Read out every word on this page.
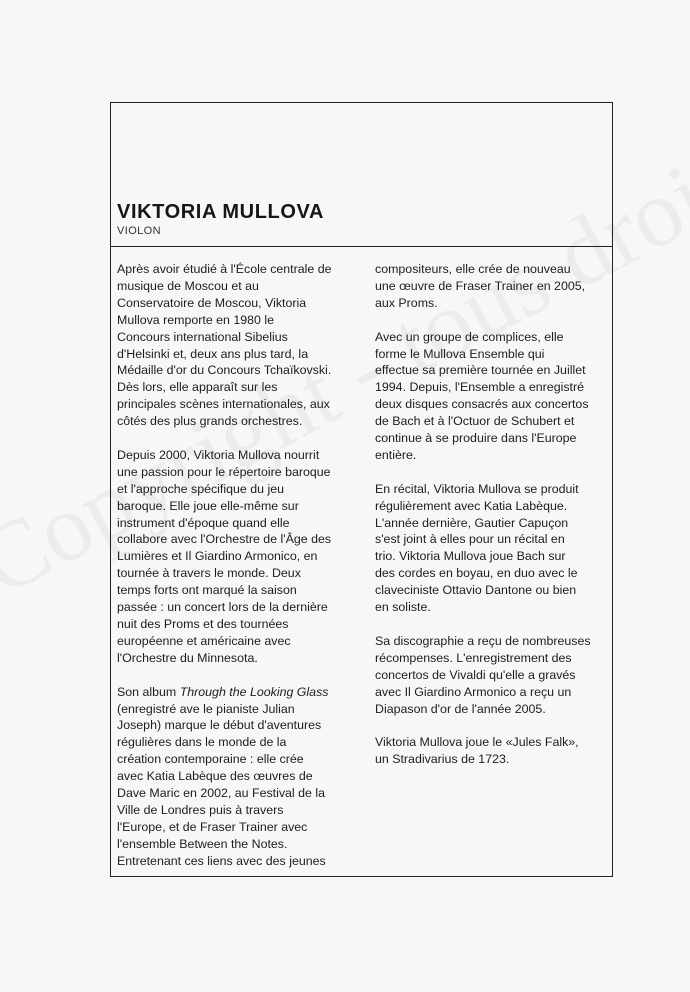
VIKTORIA MULLOVA
VIOLON
Après avoir étudié à l'École centrale de
musique de Moscou et au
Conservatoire de Moscou, Viktoria
Mullova remporte en 1980 le
Concours international Sibelius
d'Helsinki et, deux ans plus tard, la
Médaille d'or du Concours Tchaïkovski.
Dès lors, elle apparaît sur les
principales scènes internationales, aux
côtés des plus grands orchestres.
Depuis 2000, Viktoria Mullova nourrit
une passion pour le répertoire baroque
et l'approche spécifique du jeu
baroque. Elle joue elle-même sur
instrument d'époque quand elle
collabore avec l'Orchestre de l'Âge des
Lumières et Il Giardino Armonico, en
tournée à travers le monde. Deux
temps forts ont marqué la saison
passée : un concert lors de la dernière
nuit des Proms et des tournées
européenne et américaine avec
l'Orchestre du Minnesota.
Son album Through the Looking Glass
(enregistré ave le pianiste Julian
Joseph) marque le début d'aventures
régulières dans le monde de la
création contemporaine : elle crée
avec Katia Labèque des œuvres de
Dave Maric en 2002, au Festival de la
Ville de Londres puis à travers
l'Europe, et de Fraser Trainer avec
l'ensemble Between the Notes.
Entretenant ces liens avec des jeunes
compositeurs, elle crée de nouveau
une œuvre de Fraser Trainer en 2005,
aux Proms.
Avec un groupe de complices, elle
forme le Mullova Ensemble qui
effectue sa première tournée en Juillet
1994. Depuis, l'Ensemble a enregistré
deux disques consacrés aux concertos
de Bach et à l'Octuor de Schubert et
continue à se produire dans l'Europe
entière.
En récital, Viktoria Mullova se produit
régulièrement avec Katia Labèque.
L'année dernière, Gautier Capuçon
s'est joint à elles pour un récital en
trio. Viktoria Mullova joue Bach sur
des cordes en boyau, en duo avec le
claveciniste Ottavio Dantone ou bien
en soliste.
Sa discographie a reçu de nombreuses
récompenses. L'enregistrement des
concertos de Vivaldi qu'elle a gravés
avec Il Giardino Armonico a reçu un
Diapason d'or de l'année 2005.
Viktoria Mullova joue le «Jules Falk»,
un Stradivarius de 1723.
